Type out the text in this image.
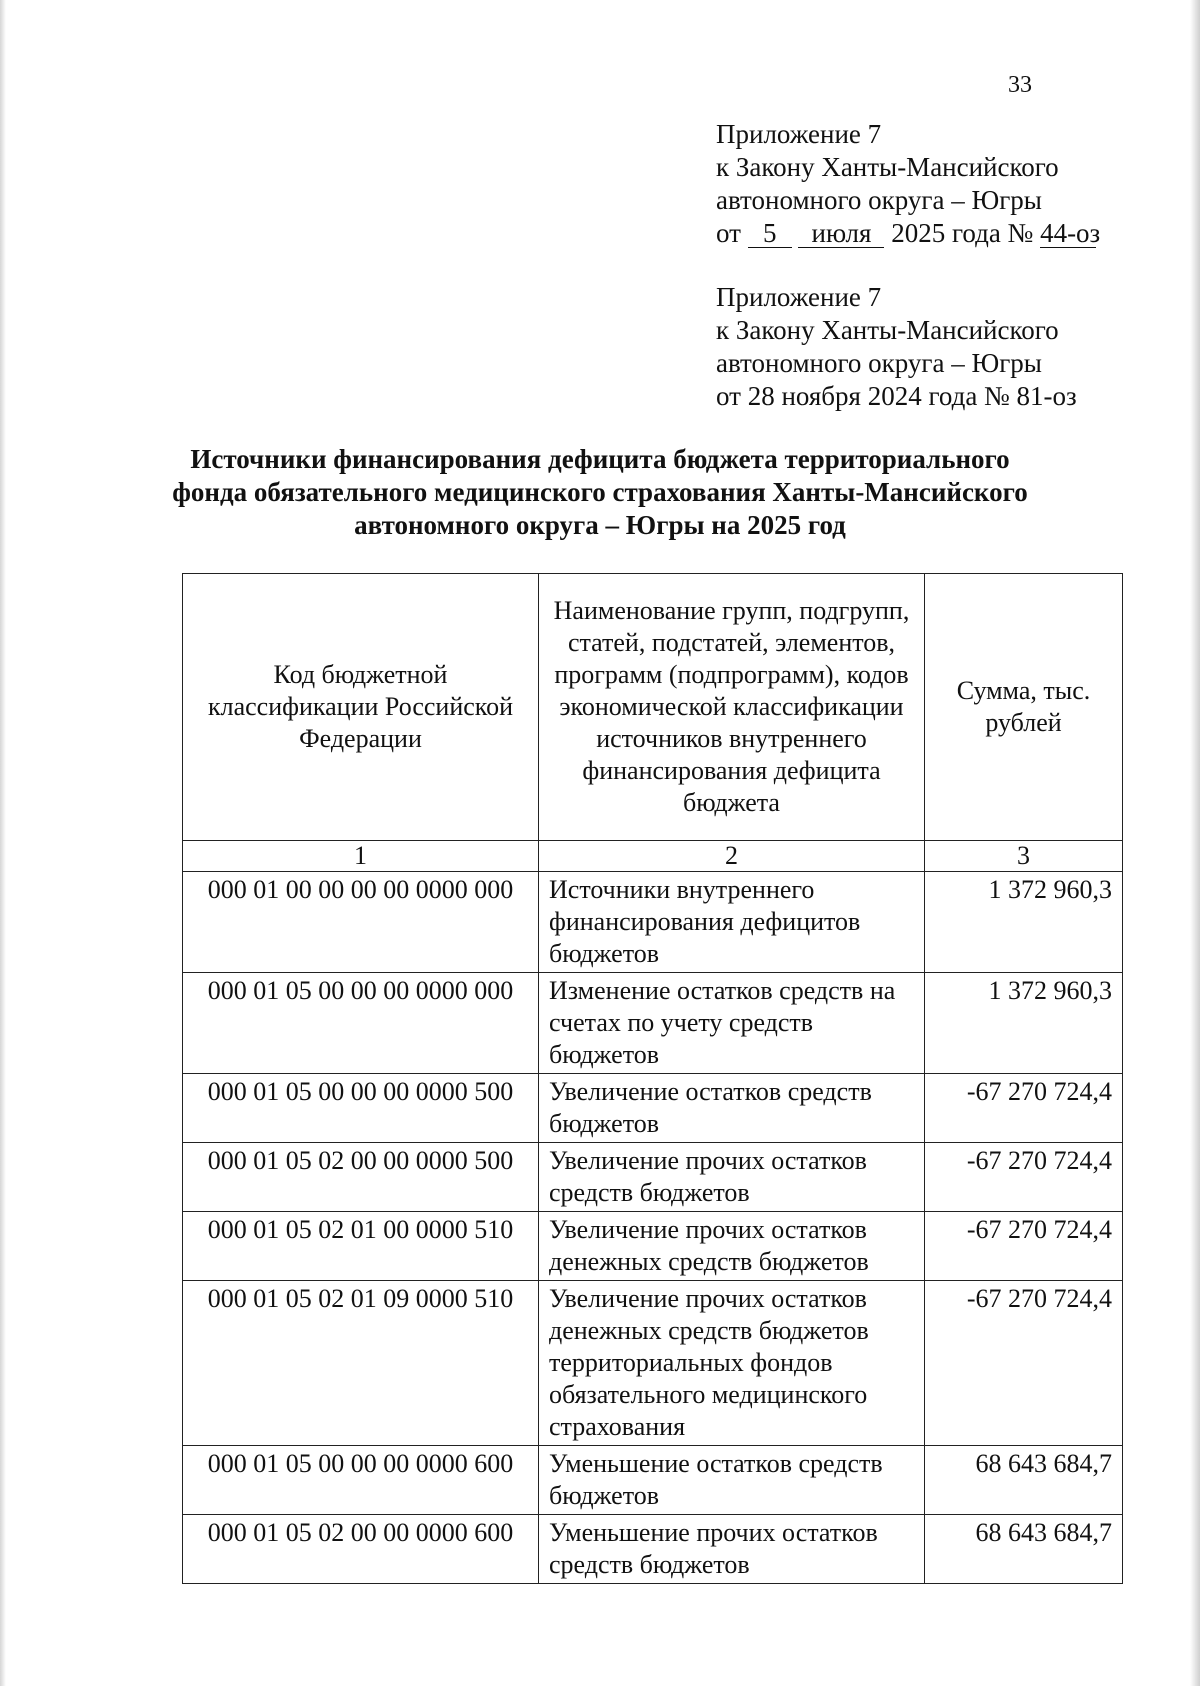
33
Приложение 7
к Закону Ханты-Мансийского
автономного округа – Югры
от 5 июля 2025 года № 44-оз
Приложение 7
к Закону Ханты-Мансийского
автономного округа – Югры
от 28 ноября 2024 года № 81-оз
Источники финансирования дефицита бюджета территориального
фонда обязательного медицинского страхования Ханты-Мансийского
автономного округа – Югры на 2025 год
Код бюджетной классификации Российской Федерации	Наименование групп, подгрупп, статей, подстатей, элементов, программ (подпрограмм), кодов экономической классификации источников внутреннего финансирования дефицита бюджета	Сумма, тыс. рублей
1	2	3
000 01 00 00 00 00 0000 000	Источники внутреннего финансирования дефицитов бюджетов	1 372 960,3
000 01 05 00 00 00 0000 000	Изменение остатков средств на счетах по учету средств бюджетов	1 372 960,3
000 01 05 00 00 00 0000 500	Увеличение остатков средств бюджетов	-67 270 724,4
000 01 05 02 00 00 0000 500	Увеличение прочих остатков средств бюджетов	-67 270 724,4
000 01 05 02 01 00 0000 510	Увеличение прочих остатков денежных средств бюджетов	-67 270 724,4
000 01 05 02 01 09 0000 510	Увеличение прочих остатков денежных средств бюджетов территориальных фондов обязательного медицинского страхования	-67 270 724,4
000 01 05 00 00 00 0000 600	Уменьшение остатков средств бюджетов	68 643 684,7
000 01 05 02 00 00 0000 600	Уменьшение прочих остатков средств бюджетов	68 643 684,7
